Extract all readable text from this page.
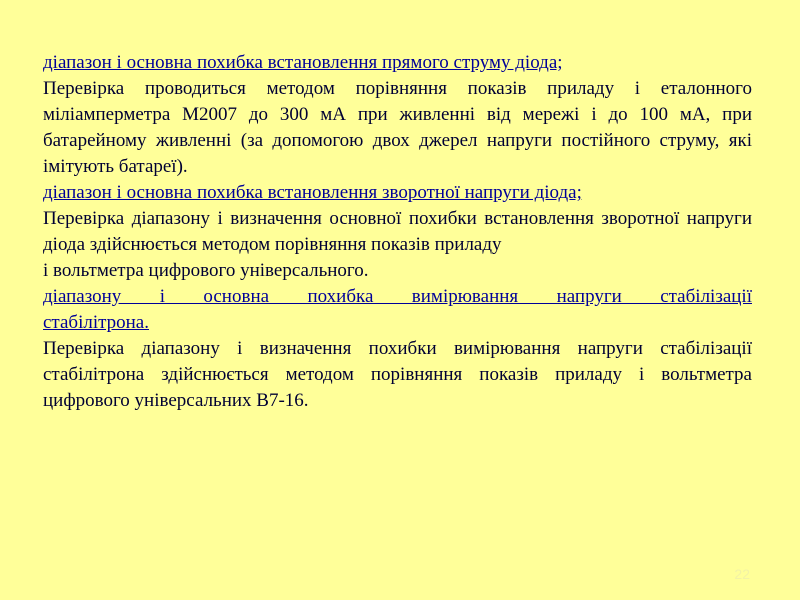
діапазон і основна похибка встановлення прямого струму діода;

Перевірка проводиться методом порівняння показів приладу і еталонного міліамперметра М2007 до 300 мА при живленні від мережі і до 100 мА, при батарейному живленні (за допомогою двох джерел напруги постійного струму, які імітують батареї).

діапазон і основна похибка встановлення зворотної напруги діода;

Перевірка діапазону і визначення основної похибки встановлення зворотної напруги діода здійснюється методом порівняння показів приладу

і вольтметра цифрового універсального.

діапазону і основна похибка вимірювання напруги стабілізації

стабілітрона.

Перевірка діапазону і визначення похибки вимірювання напруги стабілізації стабілітрона здійснюється методом порівняння показів приладу і вольтметра цифрового універсальних В7-16.

22
